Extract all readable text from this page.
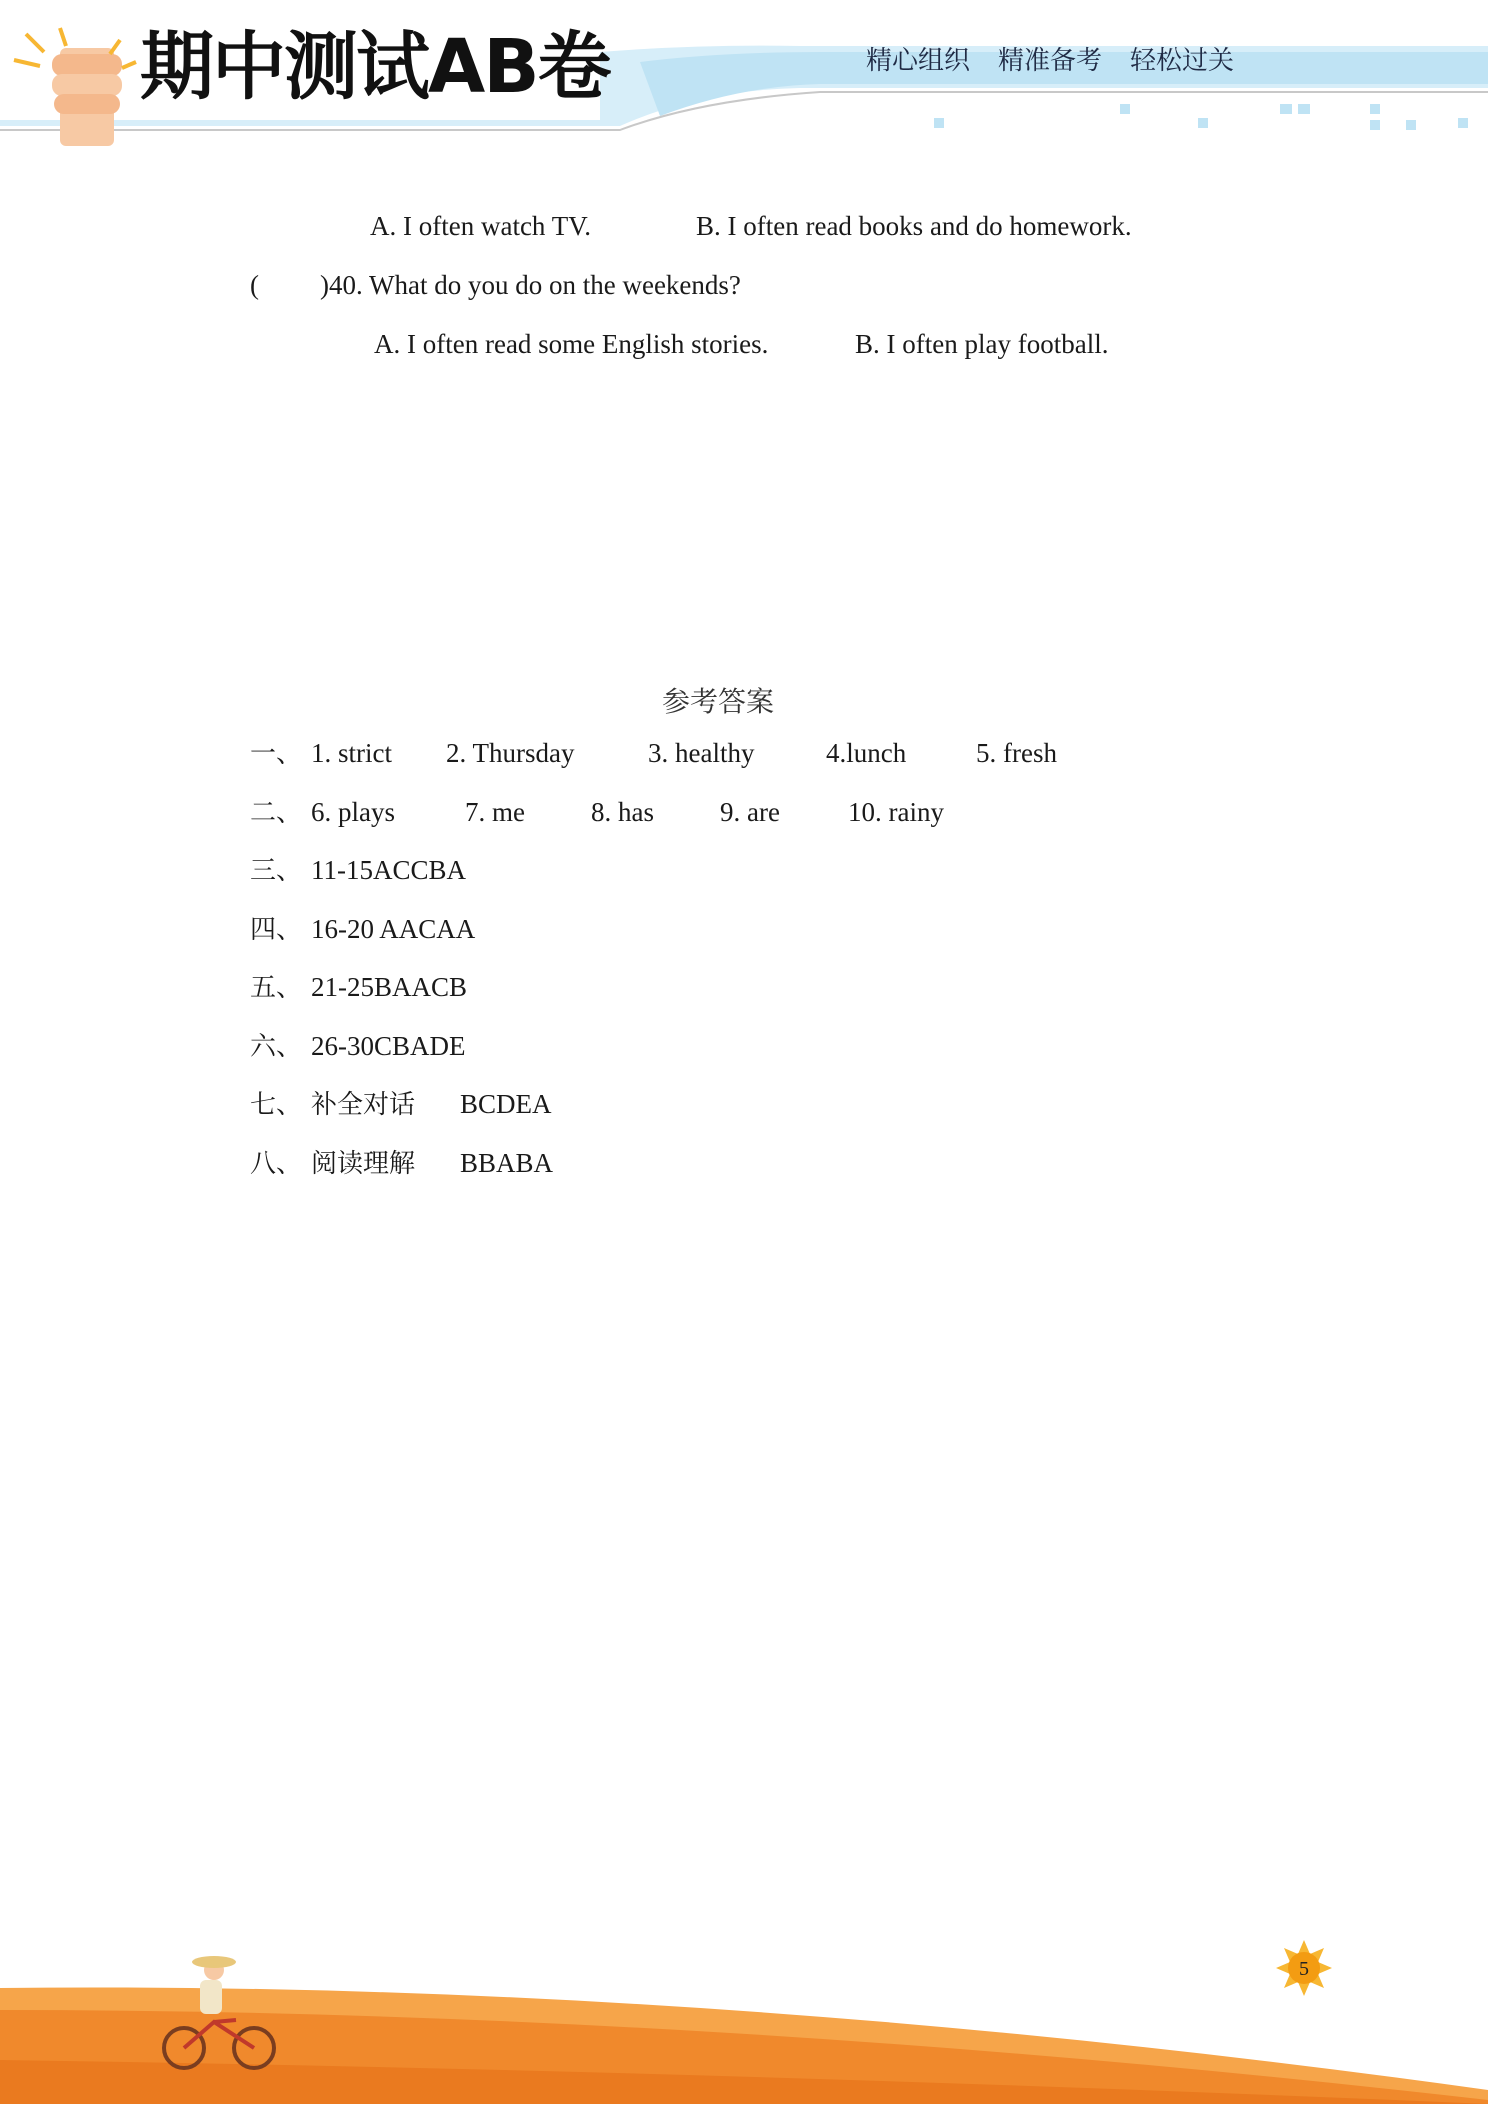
期中测试AB卷	精心组织 精准备考 轻松过关
A. I often watch TV.	B. I often read books and do homework.
( )40. What do you do on the weekends?
A. I often read some English stories.	B. I often play football.
参考答案
一、 1. strict 2. Thursday	3. healthy	4.lunch	5. fresh
二、 6. plays	7. me 8. has 9. are	10. rainy
三、 11-15ACCBA
四、 16-20 AACAA
五、 21-25BAACB
六、 26-30CBADE
七、 补全对话 BCDEA
八、 阅读理解 BBABA
5
